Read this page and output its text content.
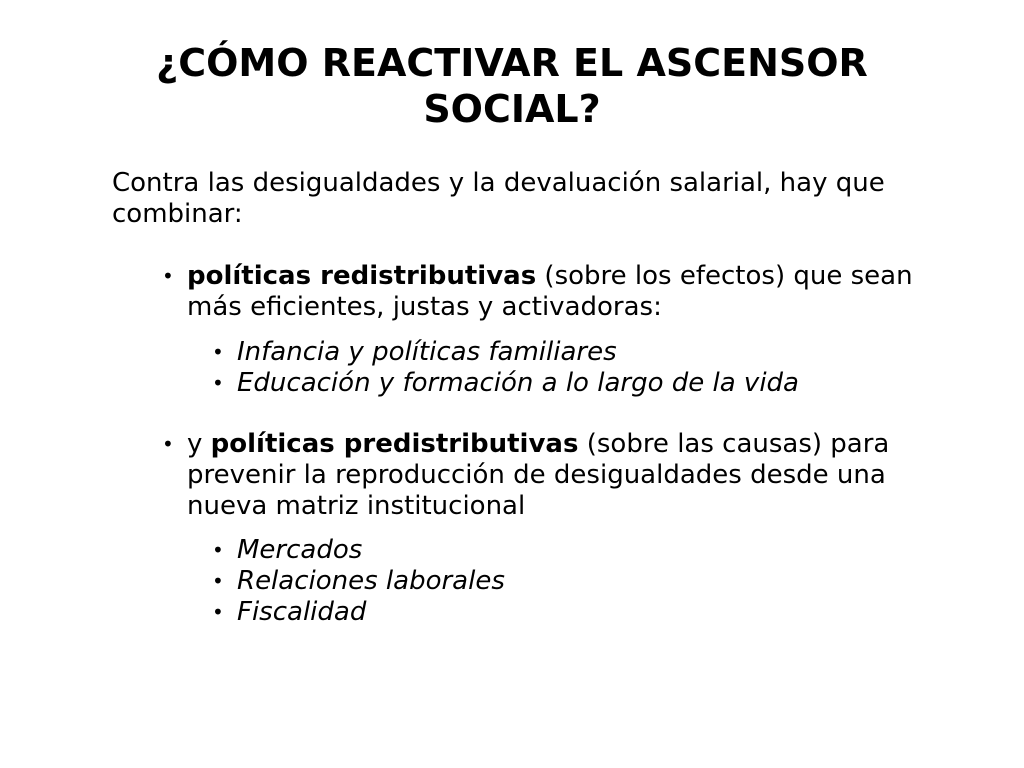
¿CÓMO REACTIVAR EL ASCENSOR
SOCIAL?

Contra las desigualdades y la devaluación salarial, hay que combinar:

• políticas redistributivas (sobre los efectos) que sean más eficientes, justas y activadoras:
• Infancia y políticas familiares
• Educación y formación a lo largo de la vida
• y políticas predistributivas (sobre las causas) para prevenir la reproducción de desigualdades desde una nueva matriz institucional
• Mercados
• Relaciones laborales
• Fiscalidad
